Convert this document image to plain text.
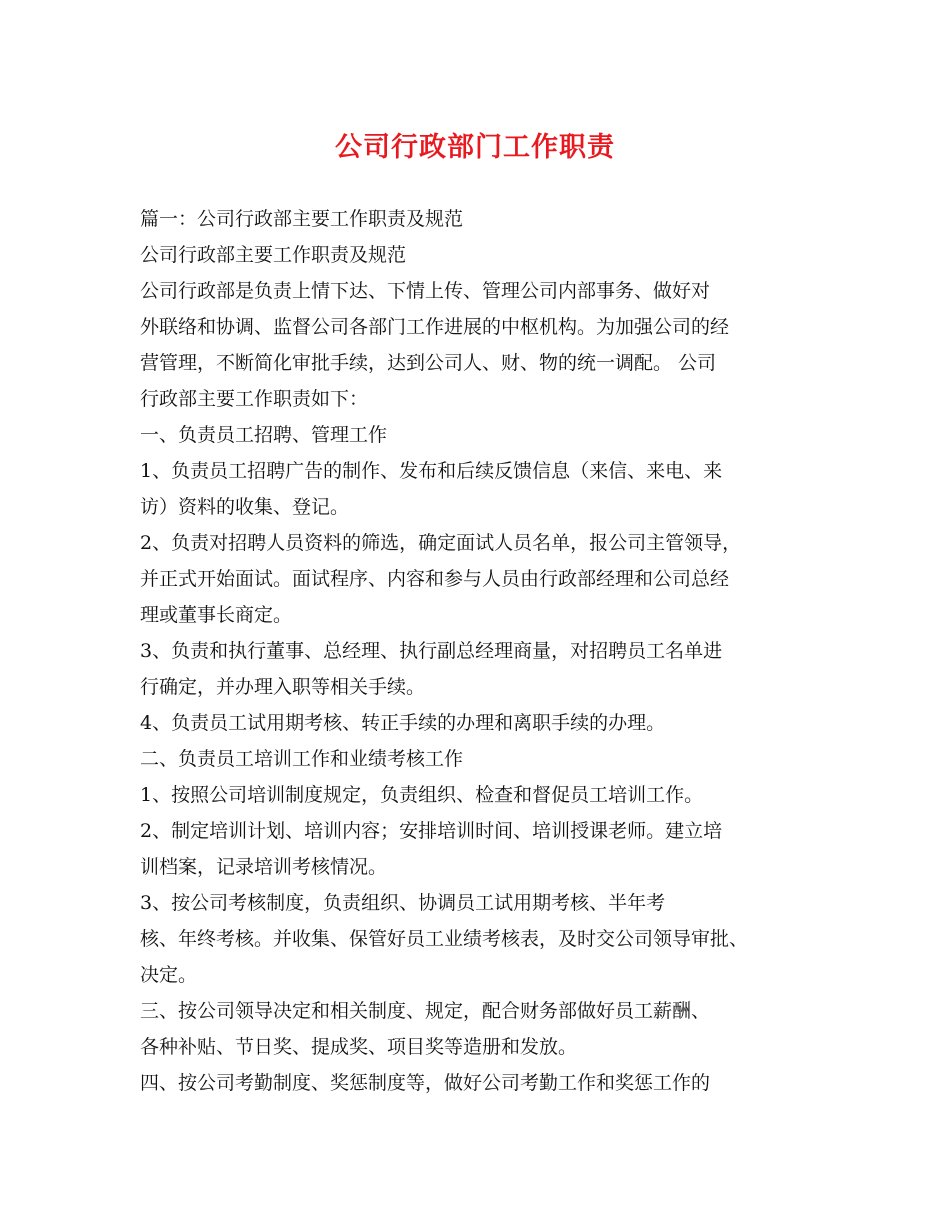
公司行政部门工作职责
篇一：公司行政部主要工作职责及规范
公司行政部主要工作职责及规范
公司行政部是负责上情下达、下情上传、管理公司内部事务、做好对
外联络和协调、监督公司各部门工作进展的中枢机构。为加强公司的经
营管理，不断简化审批手续，达到公司人、财、物的统一调配。 公司
行政部主要工作职责如下：
一、负责员工招聘、管理工作
1、负责员工招聘广告的制作、发布和后续反馈信息（来信、来电、来
访）资料的收集、登记。
2、负责对招聘人员资料的筛选，确定面试人员名单，报公司主管领导，
并正式开始面试。面试程序、内容和参与人员由行政部经理和公司总经
理或董事长商定。
3、负责和执行董事、总经理、执行副总经理商量，对招聘员工名单进
行确定，并办理入职等相关手续。
4、负责员工试用期考核、转正手续的办理和离职手续的办理。
二、负责员工培训工作和业绩考核工作
1、按照公司培训制度规定，负责组织、检查和督促员工培训工作。
2、制定培训计划、培训内容；安排培训时间、培训授课老师。建立培
训档案，记录培训考核情况。
3、按公司考核制度，负责组织、协调员工试用期考核、半年考
核、年终考核。并收集、保管好员工业绩考核表，及时交公司领导审批、
决定。
三、按公司领导决定和相关制度、规定，配合财务部做好员工薪酬、
各种补贴、节日奖、提成奖、项目奖等造册和发放。
四、按公司考勤制度、奖惩制度等，做好公司考勤工作和奖惩工作的
